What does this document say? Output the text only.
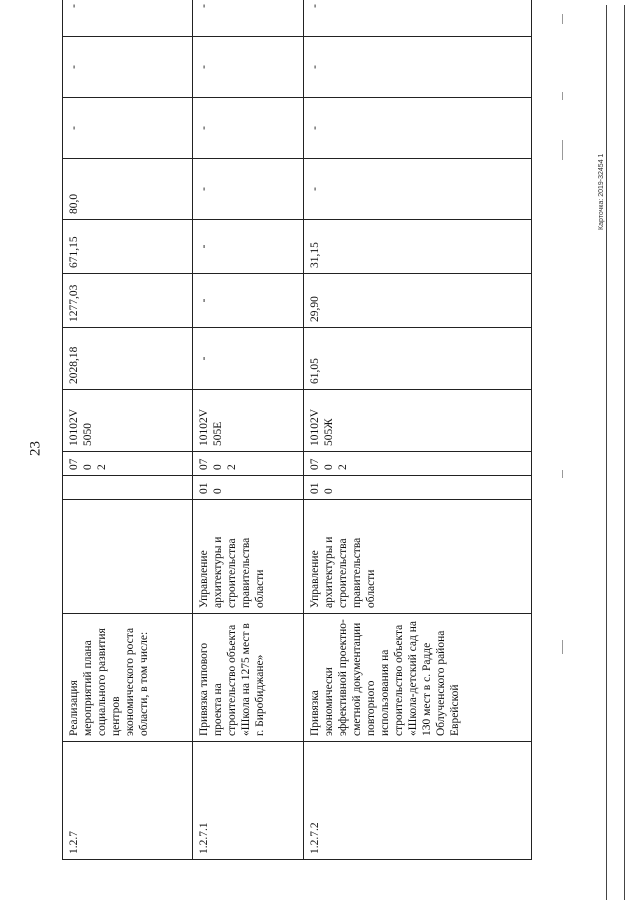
23
1.2.7	Реализация мероприятий плана социального развития центров экономического роста области, в том числе:			070 2	10102V 5050	2028,18	1277,03	671,15	80,0	-	-	-	
1.2.7.1	Привязка типового проекта на строительство объекта «Школа на 1275 мест в г. Биробиджане»	Управление архитектуры и строительства правительства области	010	070 2	10102V 505Е	-	-	-	-	-	-	-	
1.2.7.2	Привязка экономически эффективной проектно-сметной документации повторного использования на строительство объекта «Школа-детский сад на 130 мест в с. Радде Облученского района Еврейской	Управление архитектуры и строительства правительства области	010	070 2	10102V 505Ж	61,05	29,90	31,15	-	-	-	-	
Карточка: 2019-32454 1
